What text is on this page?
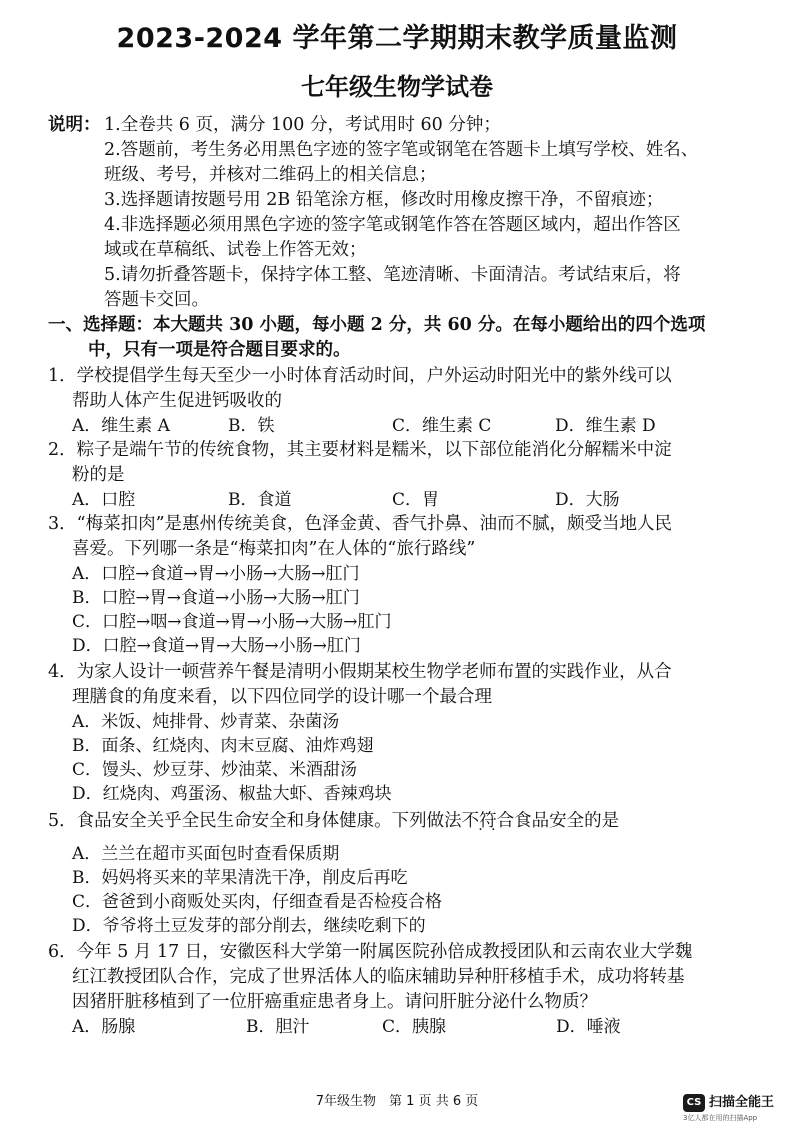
2023-2024 学年第二学期期末教学质量监测
七年级生物学试卷
说明： 1.全卷共 6 页，满分 100 分，考试用时 60 分钟；
2.答题前，考生务必用黑色字迹的签字笔或钢笔在答题卡上填写学校、姓名、
班级、考号，并核对二维码上的相关信息；
3.选择题请按题号用 2B 铅笔涂方框，修改时用橡皮擦干净，不留痕迹；
4.非选择题必须用黑色字迹的签字笔或钢笔作答在答题区域内，超出作答区
域或在草稿纸、试卷上作答无效；
5.请勿折叠答题卡，保持字体工整、笔迹清晰、卡面清洁。考试结束后，将
答题卡交回。
一、选择题：本大题共 30 小题，每小题 2 分，共 60 分。在每小题给出的四个选项
中，只有一项是符合题目要求的。
1．学校提倡学生每天至少一小时体育活动时间，户外运动时阳光中的紫外线可以
帮助人体产生促进钙吸收的
A．维生素 A	B．铁	C．维生素 C	D．维生素 D
2．粽子是端午节的传统食物，其主要材料是糯米，以下部位能消化分解糯米中淀
粉的是
A．口腔	B．食道	C．胃	D．大肠
3．“梅菜扣肉”是惠州传统美食，色泽金黄、香气扑鼻、油而不腻，颇受当地人民
喜爱。下列哪一条是“梅菜扣肉”在人体的“旅行路线”
A．口腔→食道→胃→小肠→大肠→肛门
B．口腔→胃→食道→小肠→大肠→肛门
C．口腔→咽→食道→胃→小肠→大肠→肛门
D．口腔→食道→胃→大肠→小肠→肛门
4．为家人设计一顿营养午餐是清明小假期某校生物学老师布置的实践作业，从合
理膳食的角度来看，以下四位同学的设计哪一个最合理
A．米饭、炖排骨、炒青菜、杂菌汤
B．面条、红烧肉、肉末豆腐、油炸鸡翅
C．馒头、炒豆芽、炒油菜、米酒甜汤
D．红烧肉、鸡蛋汤、椒盐大虾、香辣鸡块
5．食品安全关乎全民生命安全和身体健康。下列做法不符合 · ·食品安全的是
A．兰兰在超市买面包时查看保质期
B．妈妈将买来的苹果清洗干净，削皮后再吃
C．爸爸到小商贩处买肉，仔细查看是否检疫合格
D．爷爷将土豆发芽的部分削去，继续吃剩下的
6．今年 5 月 17 日，安徽医科大学第一附属医院孙倍成教授团队和云南农业大学魏
红江教授团队合作，完成了世界活体人的临床辅助异种肝移植手术，成功将转基
因猪肝脏移植到了一位肝癌重症患者身上。请问肝脏分泌什么物质？
A．肠腺	B．胆汁	C．胰腺	D．唾液
7年级生物　第 1 页 共 6 页	CS 扫描全能王
3亿人都在用的扫描App
